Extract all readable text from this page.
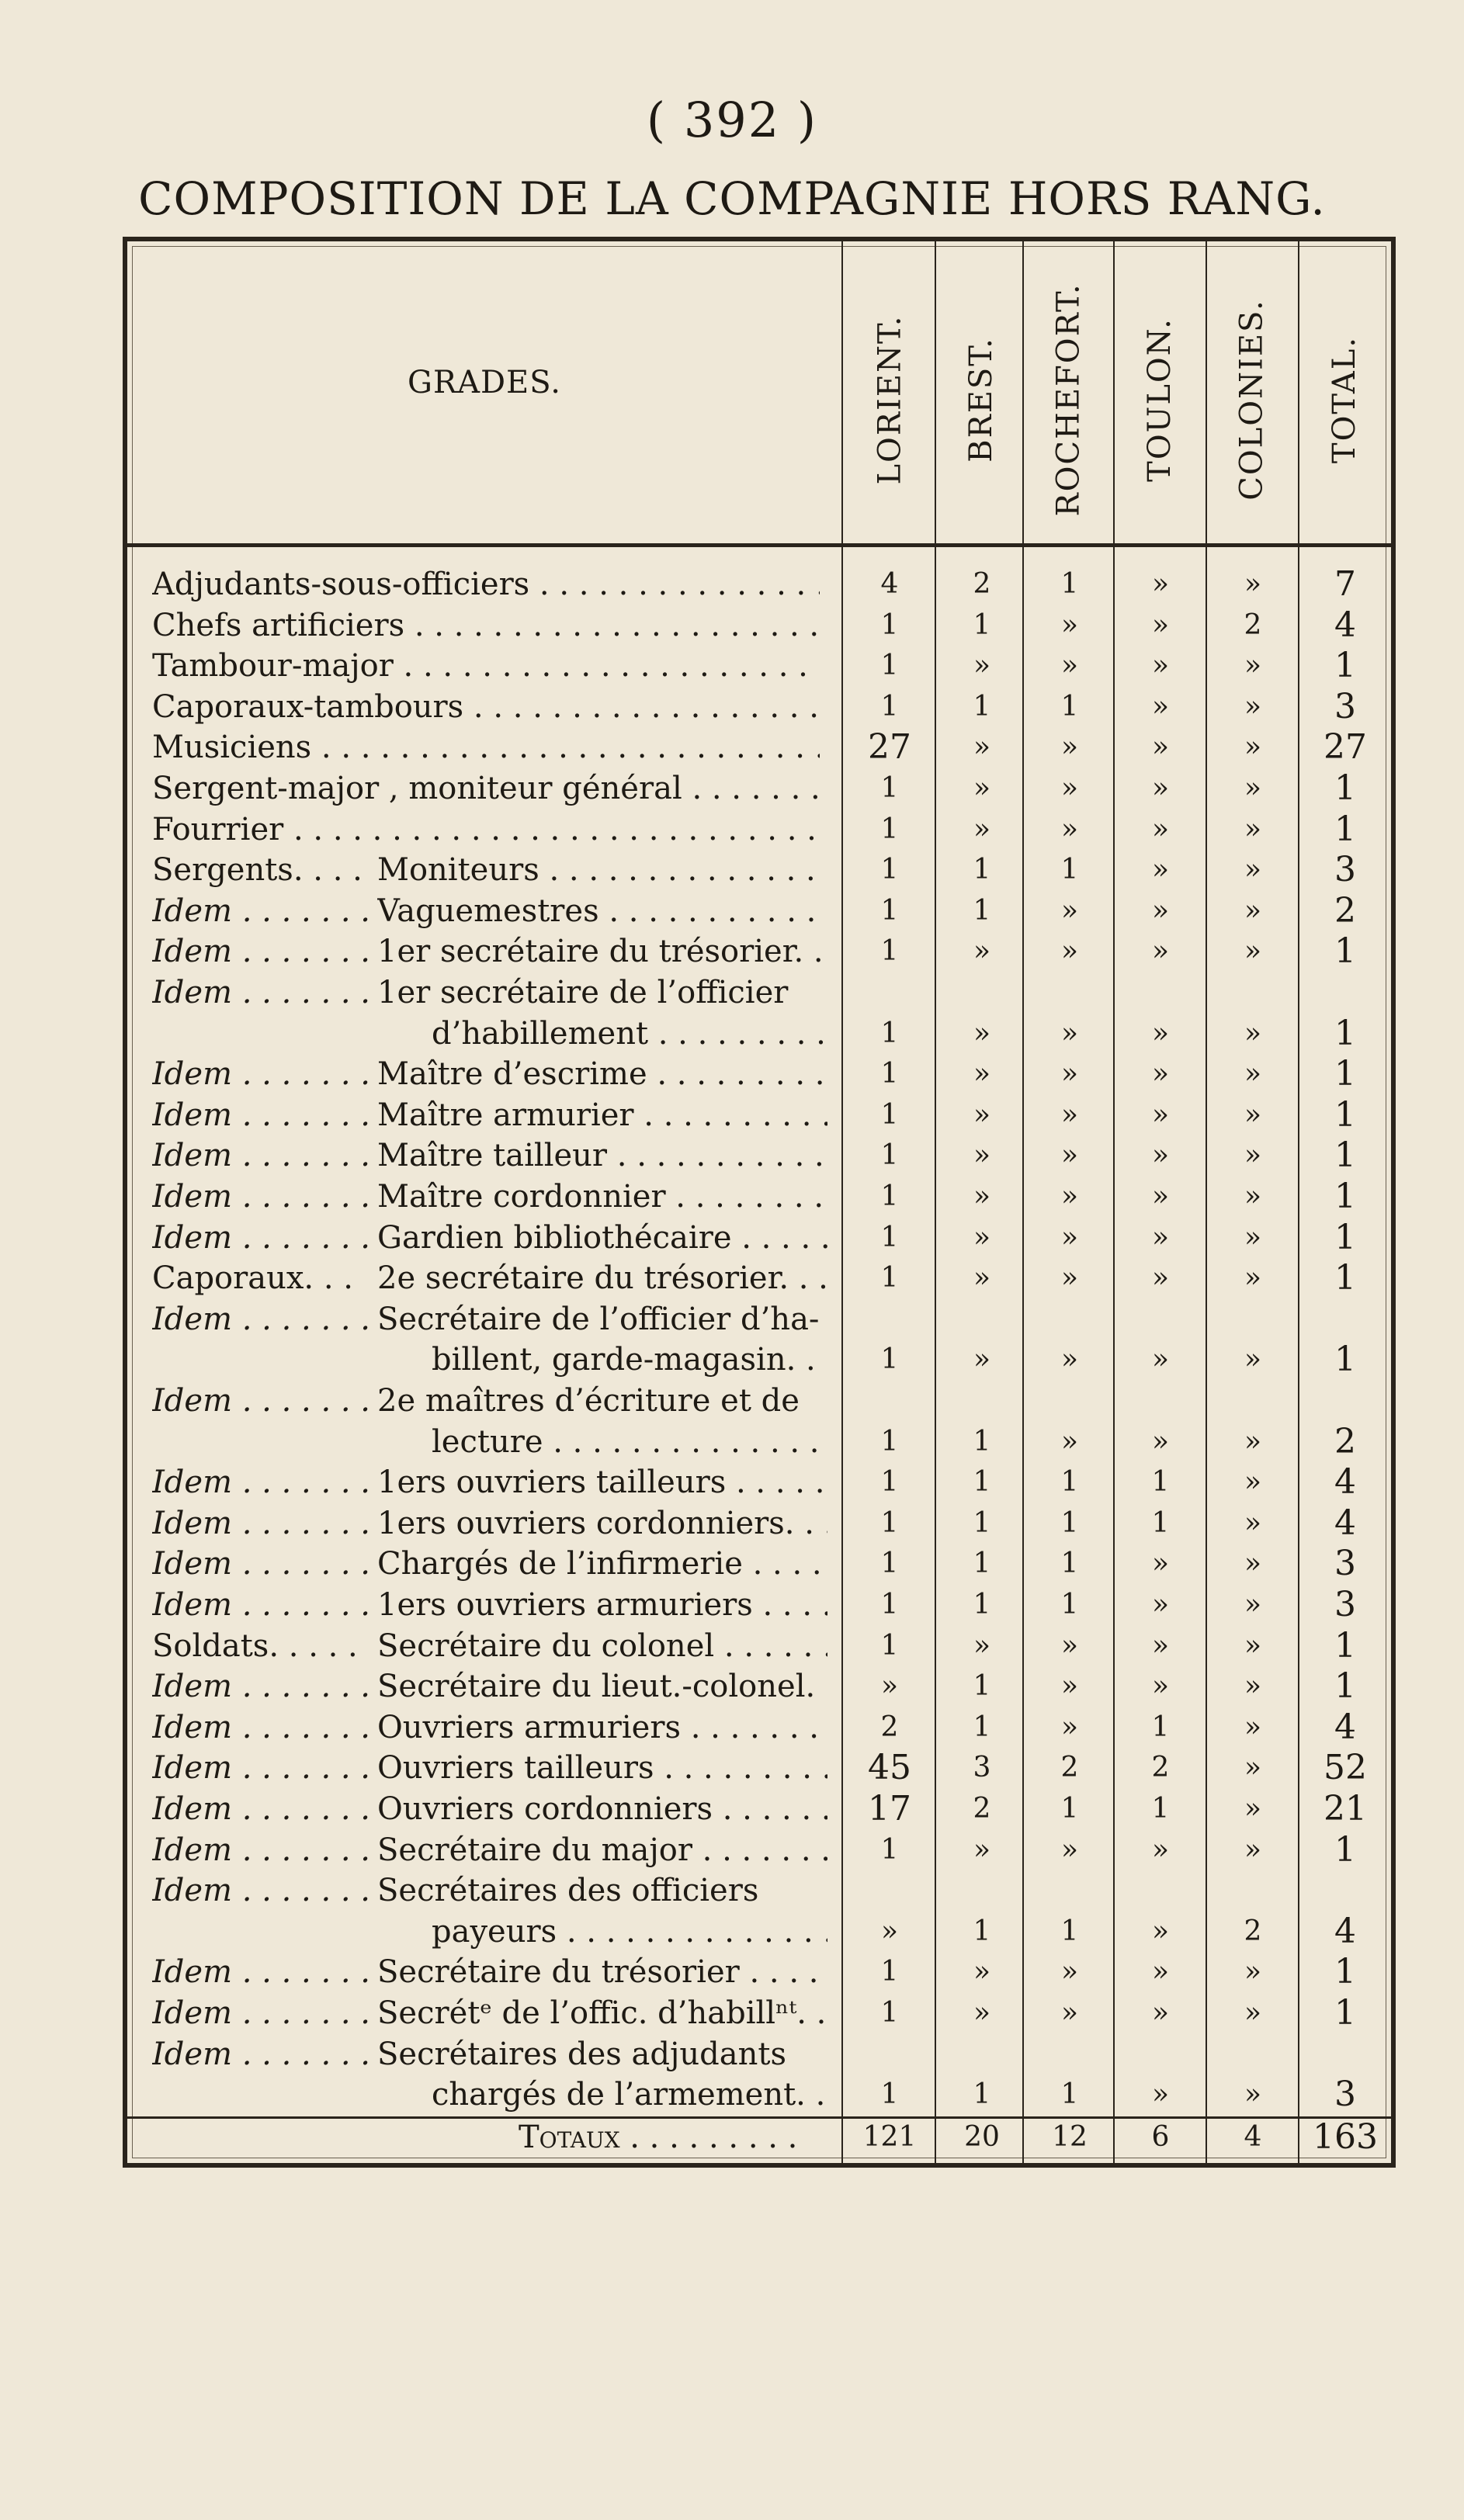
( 392 )
COMPOSITION DE LA COMPAGNIE HORS RANG.
GRADES.	LORIENT. BREST. ROCHEFORT. TOULON. COLONIES. TOTAL.
Adjudants-sous-officiers . . .	4	2	1	»	»	7
Chefs artificiers . . .	1	1	»	»	2	4
Tambour-major . . .	1	»	»	»	»	1
Caporaux-tambours . . .	1	1	1	»	»	3
Musiciens . . .	27	»	»	»	»	27
Sergent-major , moniteur général . . .	1	»	»	»	»	1
Fourrier . . .	1	»	»	»	»	1
Sergents. . . . Moniteurs . . .	1	1	1	»	»	3
Idem . . .	Vaguemestres . . .	1	1	»	»	»	2
Idem . . .	1er secrétaire du trésorier. . . . .	1	»	»	»	»	1
Idem . . .	1er secrétaire de l’officier
d’habillement . . .	1	»	»	»	»	1
Idem . . .	Maître d’escrime . . .	1	»	»	»	»	1
Idem . . .	Maître armurier . . .	1	»	»	»	»	1
Idem . . .	Maître tailleur . . .	1	»	»	»	»	1
Idem . . .	Maître cordonnier . . .	1	»	»	»	»	1
Idem . . .	Gardien bibliothécaire . . .	1	»	»	»	»	1
Caporaux. . . 2e secrétaire du trésorier. . . . .	1	»	»	»	»	1
Idem . . .	Secrétaire de l’officier d’ha-
billent, garde-magasin. . . . .	1	»	»	»	»	1
Idem . . .	2e maîtres d’écriture et de
lecture . . .	1	1	»	»	»	2
Idem . . .	1ers ouvriers tailleurs . . .	1	1	1	1	»	4
Idem . . .	1ers ouvriers cordonniers. . . . .	1	1	1	1	»	4
Idem . . .	Chargés de l’infirmerie . . .	1	1	1	»	»	3
Idem . . .	1ers ouvriers armuriers . . .	1	1	1	»	»	3
Soldats. . . . . Secrétaire du colonel . . .	1	»	»	»	»	1
Idem . . .	Secrétaire du lieut.-colonel. . . .	»	1	»	»	»	1
Idem . . .	Ouvriers armuriers . . .	2	1	»	1	»	4
Idem . . .	Ouvriers tailleurs . . .	45	3	2	2	»	52
Idem . . .	Ouvriers cordonniers . . .	17	2	1	1	»	21
Idem . . .	Secrétaire du major . . .	1	»	»	»	»	1
Idem . . .	Secrétaires des officiers
payeurs . . .	»	1	1	»	2	4
Idem . . .	Secrétaire du trésorier . . .	1	»	»	»	»	1
Idem . . .	Secrétᵉ de l’offic. d’habillⁿᵗ. . . . .	1	»	»	»	»	1
Idem . . .	Secrétaires des adjudants
chargés de l’armement. . . . .	1	1	1	»	»	3
Totaux . . .	121	20	12	6	4	163
